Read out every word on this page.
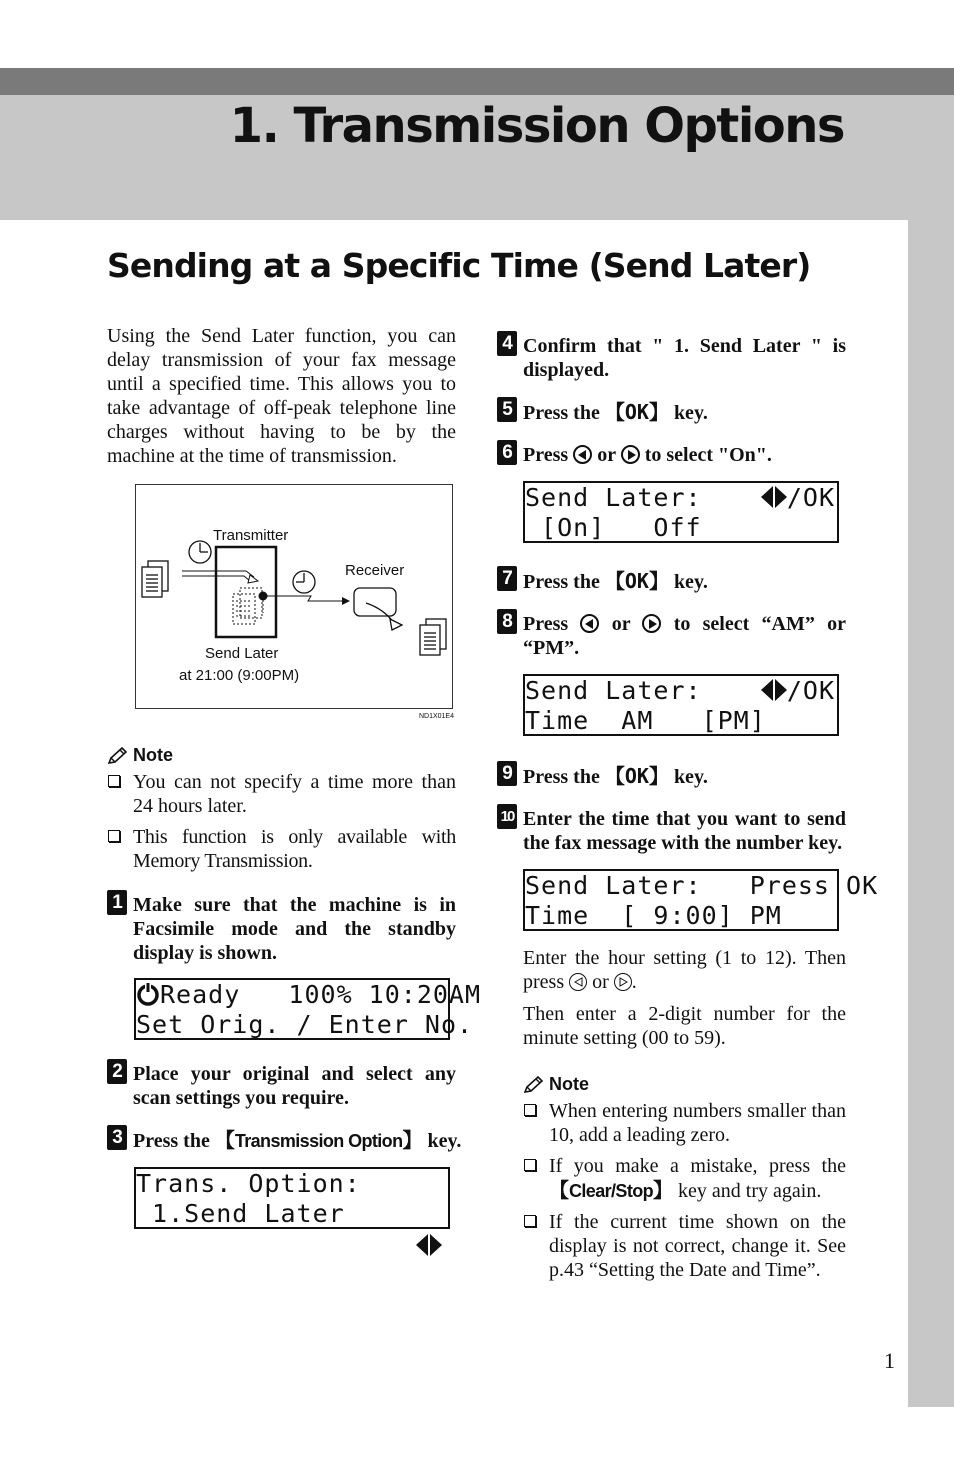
1. Transmission Options
Sending at a Specific Time (Send Later)

Using the Send Later function, you can delay transmission of your fax message until a specified time. This allows you to take advantage of off-peak telephone line charges without having to be by the machine at the time of transmission.

Transmitter
Receiver
Send Later
at 21:00 (9:00PM)
ND1X01E4
Note
You can not specify a time more than 24 hours later.
This function is only available with Memory Transmission.
1 Make sure that the machine is in Facsimile mode and the standby display is shown.

Ready   100% 10:20AM

Set Orig. / Enter No.

2 Place your original and select any scan settings you require.
3 Press the 【Transmission Option】 key.

Trans. Option:

1.Send Later

4 Confirm that " 1. Send Later " is displayed.
5 Press the 【OK】 key.
6 Press
or
to select "On".

Send Later:	/OK

[On]   Off

7 Press the 【OK】 key.
8 Press
or
to select “AM” or “PM”.

Send Later:	/OK

Time  AM   [PM]

9 Press the 【OK】 key.
10 Enter the time that you want to send the fax message with the number key.

Send Later:   Press OK

Time  [ 9:00] PM

Enter the hour setting (1 to 12). Then press
or
.

Then enter a 2-digit number for the minute setting (00 to 59).

Note
When entering numbers smaller than 10, add a leading zero.
If you make a mistake, press the 【Clear/Stop】 key and try again.
If the current time shown on the display is not correct, change it. See p.43 “Setting the Date and Time”.
1
